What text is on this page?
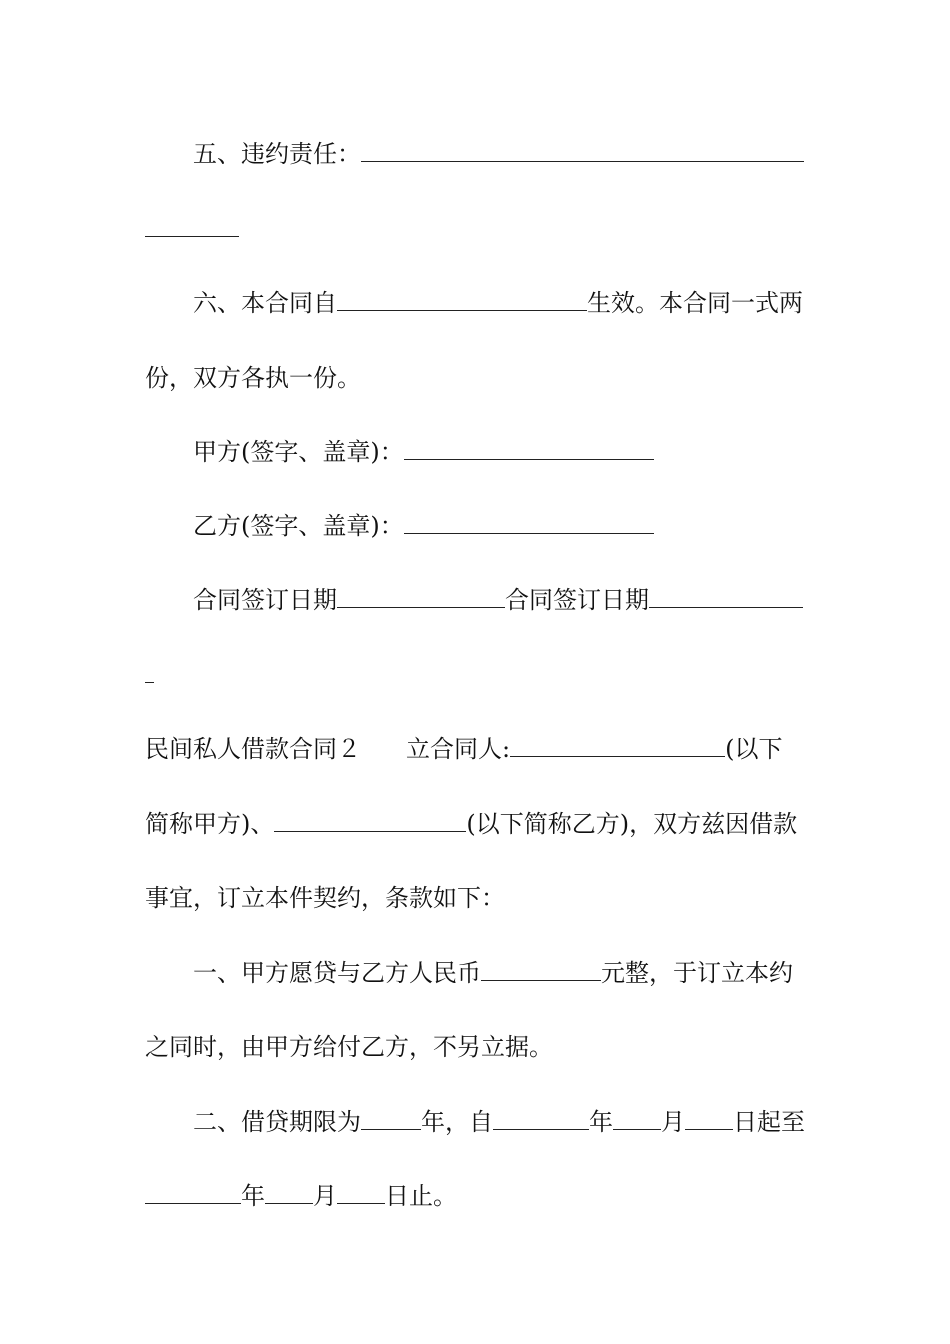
五、违约责任：
六、本合同自	生效。本合同一式两
份，双方各执一份。
甲方(签字、盖章)：
乙方(签字、盖章)：
合同签订日期	合同签订日期
民间私人借款合同２ 立合同人:	(以下
简称甲方)、	(以下简称乙方)，双方兹因借款
事宜，订立本件契约，条款如下：
一、甲方愿贷与乙方人民币	元整，于订立本约
之同时，由甲方给付乙方，不另立据。
二、借贷期限为	年 ，自	年 月 日起至
年 月 日止。
